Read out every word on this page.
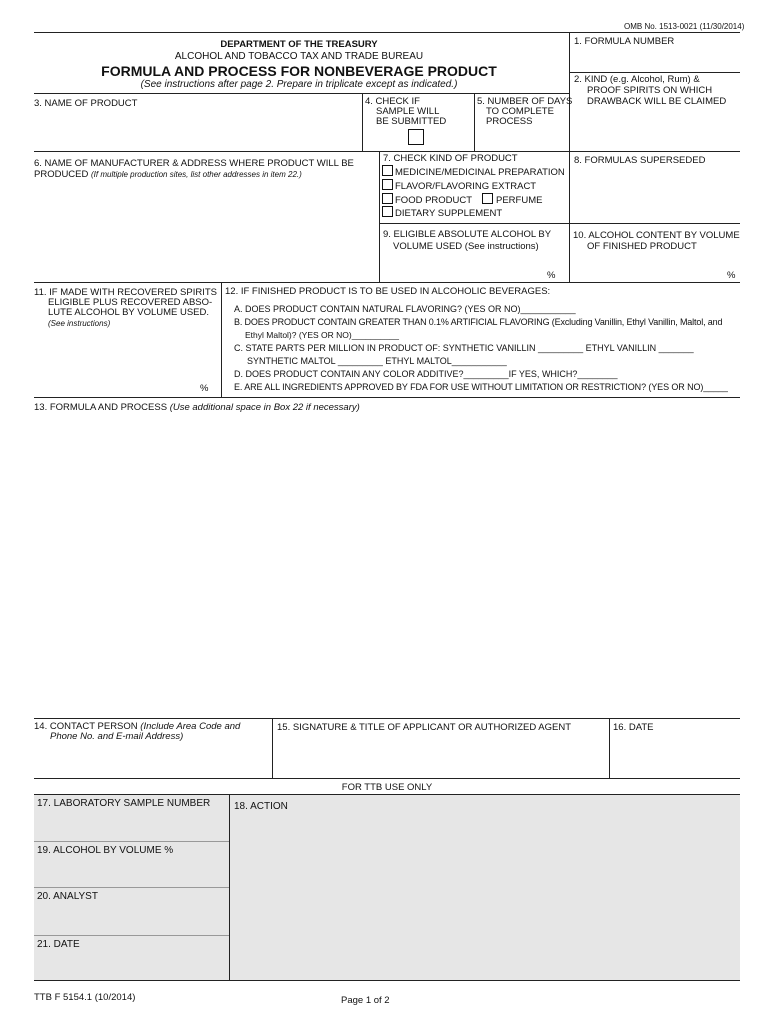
OMB No. 1513-0021 (11/30/2014)
DEPARTMENT OF THE TREASURY
ALCOHOL AND TOBACCO TAX AND TRADE BUREAU
FORMULA AND PROCESS FOR NONBEVERAGE PRODUCT
(See instructions after page 2. Prepare in triplicate except as indicated.)
1. FORMULA NUMBER
2. KIND (e.g. Alcohol, Rum) &
PROOF SPIRITS ON WHICH
DRAWBACK WILL BE CLAIMED
3. NAME OF PRODUCT	4. CHECK IF
SAMPLE WILL
BE SUBMITTED
5. NUMBER OF DAYS
TO COMPLETE
PROCESS
6. NAME OF MANUFACTURER & ADDRESS WHERE PRODUCT WILL BE
PRODUCED (If multiple production sites, list other addresses in item 22.)
7. CHECK KIND OF PRODUCT
MEDICINE/MEDICINAL PREPARATION
FLAVOR/FLAVORING EXTRACT
FOOD PRODUCT	PERFUME
DIETARY SUPPLEMENT
8. FORMULAS SUPERSEDED
9. ELIGIBLE ABSOLUTE ALCOHOL BY
VOLUME USED (See instructions)
%
10. ALCOHOL CONTENT BY VOLUME
OF FINISHED PRODUCT
%
11. IF MADE WITH RECOVERED SPIRITS
ELIGIBLE PLUS RECOVERED ABSO-
LUTE ALCOHOL BY VOLUME USED.
(See instructions)
%
12. IF FINISHED PRODUCT IS TO BE USED IN ALCOHOLIC BEVERAGES:
A. DOES PRODUCT CONTAIN NATURAL FLAVORING? (YES OR NO)___________
B. DOES PRODUCT CONTAIN GREATER THAN 0.1% ARTIFICIAL FLAVORING (Excluding Vanillin, Ethyl Vanillin, Maltol, and
Ethyl Maltol)? (YES OR NO)__________
C. STATE PARTS PER MILLION IN PRODUCT OF: SYNTHETIC VANILLIN _________ ETHYL VANILLIN _______
SYNTHETIC MALTOL _________ ETHYL MALTOL___________
D. DOES PRODUCT CONTAIN ANY COLOR ADDITIVE?_________IF YES, WHICH?________
E. ARE ALL INGREDIENTS APPROVED BY FDA FOR USE WITHOUT LIMITATION OR RESTRICTION? (YES OR NO)_____
13. FORMULA AND PROCESS (Use additional space in Box 22 if necessary)
14. CONTACT PERSON (Include Area Code and
Phone No. and E-mail Address)
15. SIGNATURE & TITLE OF APPLICANT OR AUTHORIZED AGENT	16. DATE
FOR TTB USE ONLY
17. LABORATORY SAMPLE NUMBER
19. ALCOHOL BY VOLUME %
20. ANALYST
21. DATE
18. ACTION
TTB F 5154.1 (10/2014)	Page 1 of 2
